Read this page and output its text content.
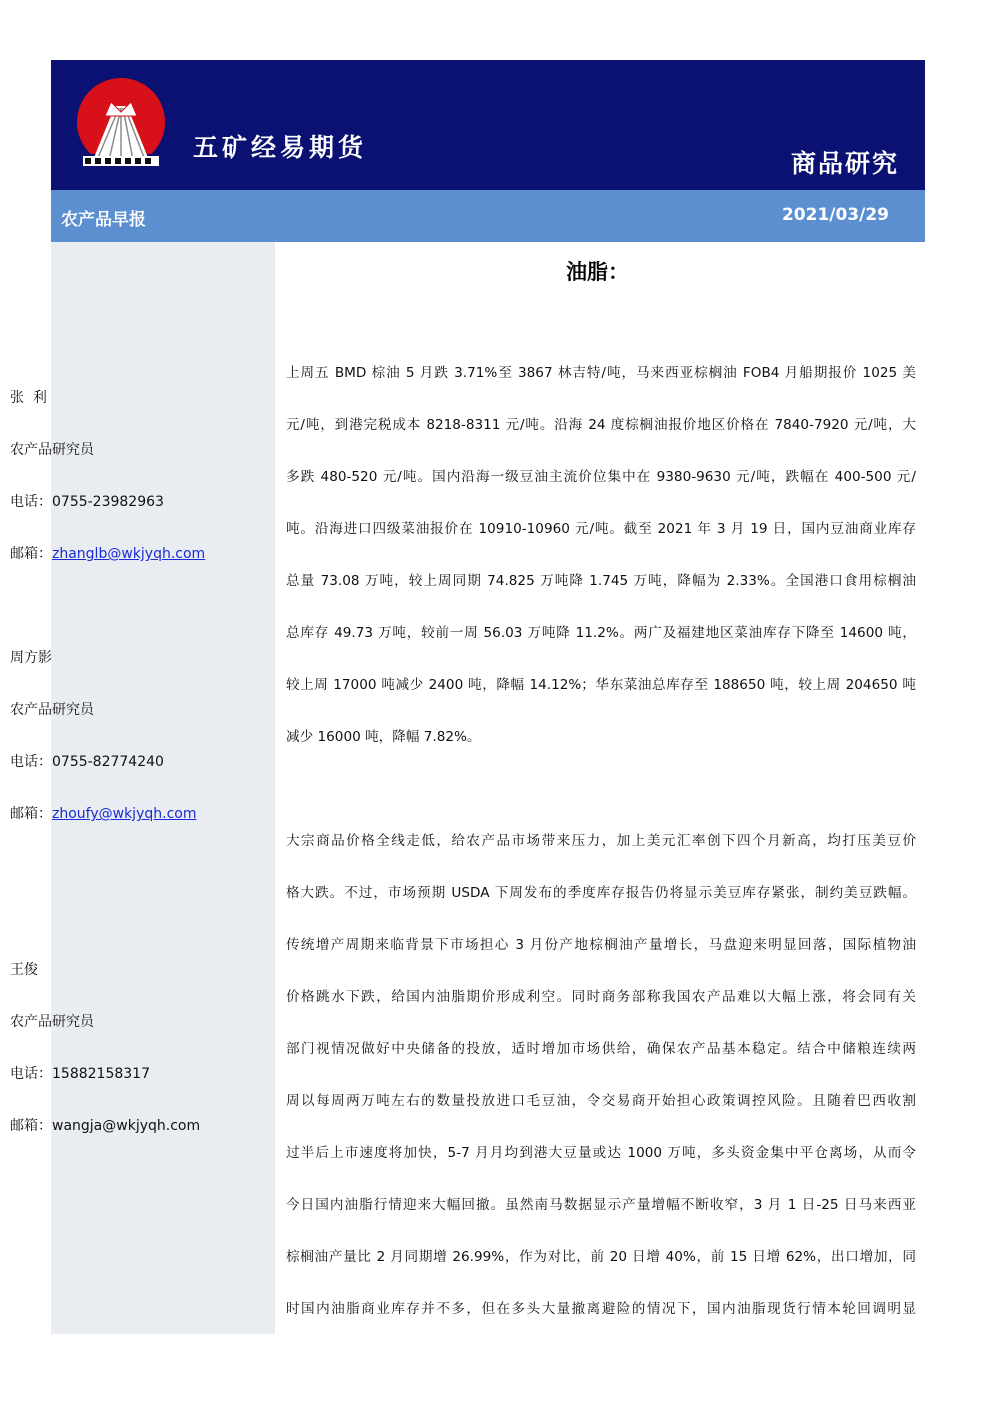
五矿经易期货
商品研究
农产品早报	2021/03/29
张  利
农产品研究员
电话：0755-23982963
邮箱：zhanglb@wkjyqh.com
周方影
农产品研究员
电话：0755-82774240
邮箱：zhoufy@wkjyqh.com
王俊
农产品研究员
电话：15882158317
邮箱：wangja@wkjyqh.com
油脂：
上周五 BMD 棕油 5 月跌 3.71%至 3867 林吉特/吨，马来西亚棕榈油 FOB4 月船期报价 1025 美
元/吨，到港完税成本 8218-8311 元/吨。沿海 24 度棕榈油报价地区价格在 7840-7920 元/吨，大
多跌 480-520 元/吨。国内沿海一级豆油主流价位集中在 9380-9630 元/吨，跌幅在 400-500 元/
吨。沿海进口四级菜油报价在 10910-10960 元/吨。截至 2021 年 3 月 19 日，国内豆油商业库存
总量 73.08 万吨，较上周同期 74.825 万吨降 1.745 万吨，降幅为 2.33%。全国港口食用棕榈油
总库存 49.73 万吨，较前一周 56.03 万吨降 11.2%。两广及福建地区菜油库存下降至 14600 吨，
较上周 17000 吨减少 2400 吨，降幅 14.12%；华东菜油总库存至 188650 吨，较上周 204650 吨
减少 16000 吨，降幅 7.82%。
大宗商品价格全线走低，给农产品市场带来压力，加上美元汇率创下四个月新高，均打压美豆价
格大跌。不过，市场预期 USDA 下周发布的季度库存报告仍将显示美豆库存紧张，制约美豆跌幅。
传统增产周期来临背景下市场担心 3 月份产地棕榈油产量增长，马盘迎来明显回落，国际植物油
价格跳水下跌，给国内油脂期价形成利空。同时商务部称我国农产品难以大幅上涨，将会同有关
部门视情况做好中央储备的投放，适时增加市场供给，确保农产品基本稳定。结合中储粮连续两
周以每周两万吨左右的数量投放进口毛豆油，令交易商开始担心政策调控风险。且随着巴西收割
过半后上市速度将加快，5-7 月月均到港大豆量或达 1000 万吨，多头资金集中平仓离场，从而令
今日国内油脂行情迎来大幅回撤。虽然南马数据显示产量增幅不断收窄，3 月 1 日-25 日马来西亚
棕榈油产量比 2 月同期增 26.99%，作为对比，前 20 日增 40%，前 15 日增 62%，出口增加，同
时国内油脂商业库存并不多，但在多头大量撤离避险的情况下，国内油脂现货行情本轮回调明显
